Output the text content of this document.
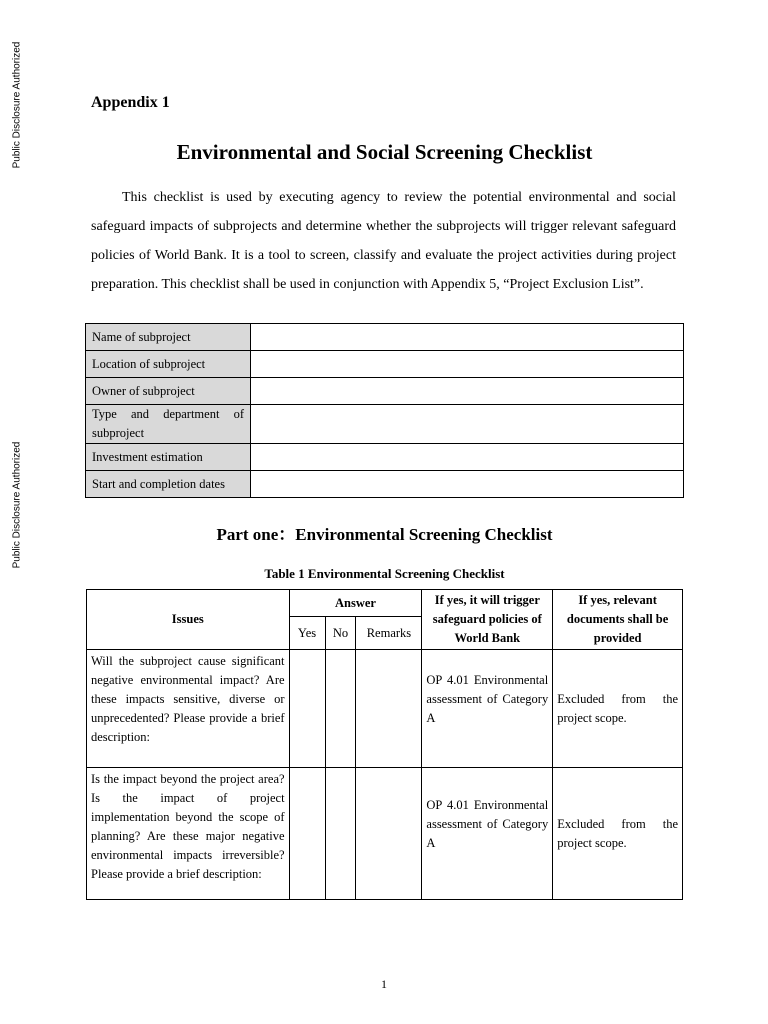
Public Disclosure Authorized
Public Disclosure Authorized
Appendix 1
Environmental and Social Screening Checklist

This checklist is used by executing agency to review the potential environmental and social safeguard impacts of subprojects and determine whether the subprojects will trigger relevant safeguard policies of World Bank. It is a tool to screen, classify and evaluate the project activities during project preparation. This checklist shall be used in conjunction with Appendix 5, “Project Exclusion List”.

Name of subproject	
Location of subproject	
Owner of subproject	
Type and department of subproject	
Investment estimation	
Start and completion dates	
Part one：Environmental Screening Checklist
Table 1 Environmental Screening Checklist
Issues	Answer			If yes, it will trigger safeguard policies of World Bank	If yes, relevant documents shall be provided
	Yes	No	Remarks		
Will the subproject cause significant negative environmental impact? Are these impacts sensitive, diverse or unprecedented? Please provide a brief description:				OP 4.01 Environmental assessment of Category A	Excluded from the project scope.
Is the impact beyond the project area? Is the impact of project implementation beyond the scope of planning? Are these major negative environmental impacts irreversible? Please provide a brief description:				OP 4.01 Environmental assessment of Category A	Excluded from the project scope.
1
